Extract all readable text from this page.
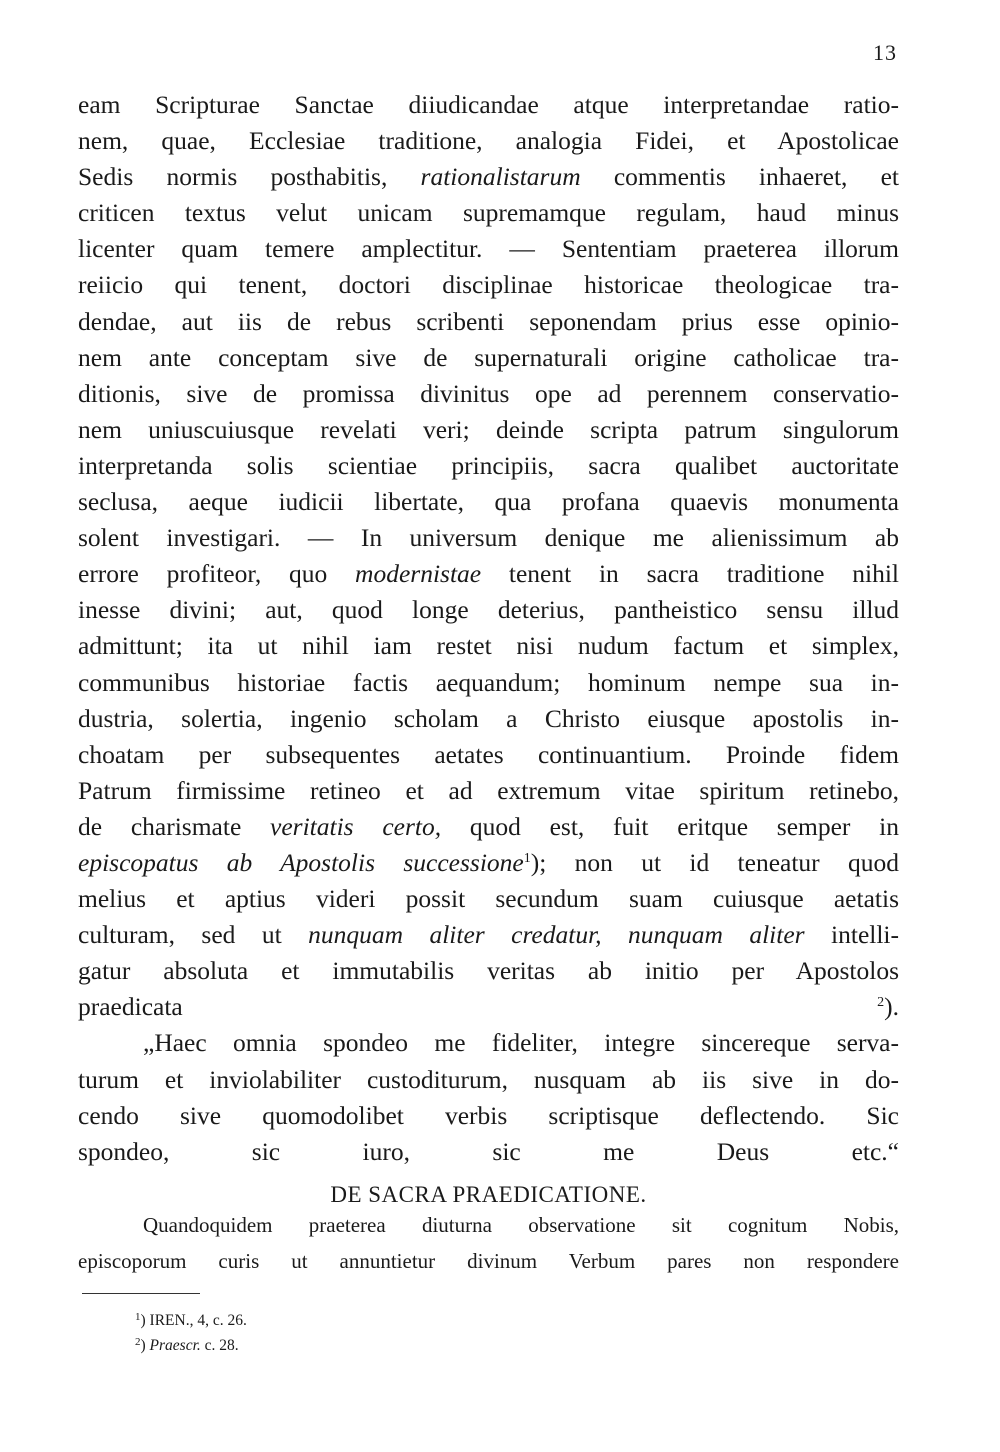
13
eam Scripturae Sanctae diiudicandae atque interpretandae ratio-
nem, quae, Ecclesiae traditione, analogia Fidei, et Apostolicae
Sedis normis posthabitis, rationalistarum commentis inhaeret, et
criticen textus velut unicam supremamque regulam, haud minus
licenter quam temere amplectitur. — Sententiam praeterea illorum
reiicio qui tenent, doctori disciplinae historicae theologicae tra-
dendae, aut iis de rebus scribenti seponendam prius esse opinio-
nem ante conceptam sive de supernaturali origine catholicae tra-
ditionis, sive de promissa divinitus ope ad perennem conservatio-
nem uniuscuiusque revelati veri; deinde scripta patrum singulorum
interpretanda solis scientiae principiis, sacra qualibet auctoritate
seclusa, aeque iudicii libertate, qua profana quaevis monumenta
solent investigari. — In universum denique me alienissimum ab
errore profiteor, quo modernistae tenent in sacra traditione nihil
inesse divini; aut, quod longe deterius, pantheistico sensu illud
admittunt; ita ut nihil iam restet nisi nudum factum et simplex,
communibus historiae factis aequandum; hominum nempe sua in-
dustria, solertia, ingenio scholam a Christo eiusque apostolis in-
choatam per subsequentes aetates continuantium. Proinde fidem
Patrum firmissime retineo et ad extremum vitae spiritum retinebo,
de charismate veritatis certo, quod est, fuit eritque semper in
episcopatus ab Apostolis successione$^1$); non ut id teneatur quod
melius et aptius videri possit secundum suam cuiusque aetatis
culturam, sed ut nunquam aliter credatur, nunquam aliter intelli-
gatur absoluta et immutabilis veritas ab initio per Apostolos
praedicata $^2$).
„Haec omnia spondeo me fideliter, integre sincereque serva-
turum et inviolabiliter custoditurum, nusquam ab iis sive in do-
cendo sive quomodolibet verbis scriptisque deflectendo. Sic
spondeo, sic iuro, sic me Deus etc.“
DE SACRA PRAEDICATIONE.
Quandoquidem praeterea diuturna observatione sit cognitum Nobis,
episcoporum curis ut annuntietur divinum Verbum pares non respondere
$^1$) IREN., 4, c. 26.
$^2$) Praescr. c. 28.
